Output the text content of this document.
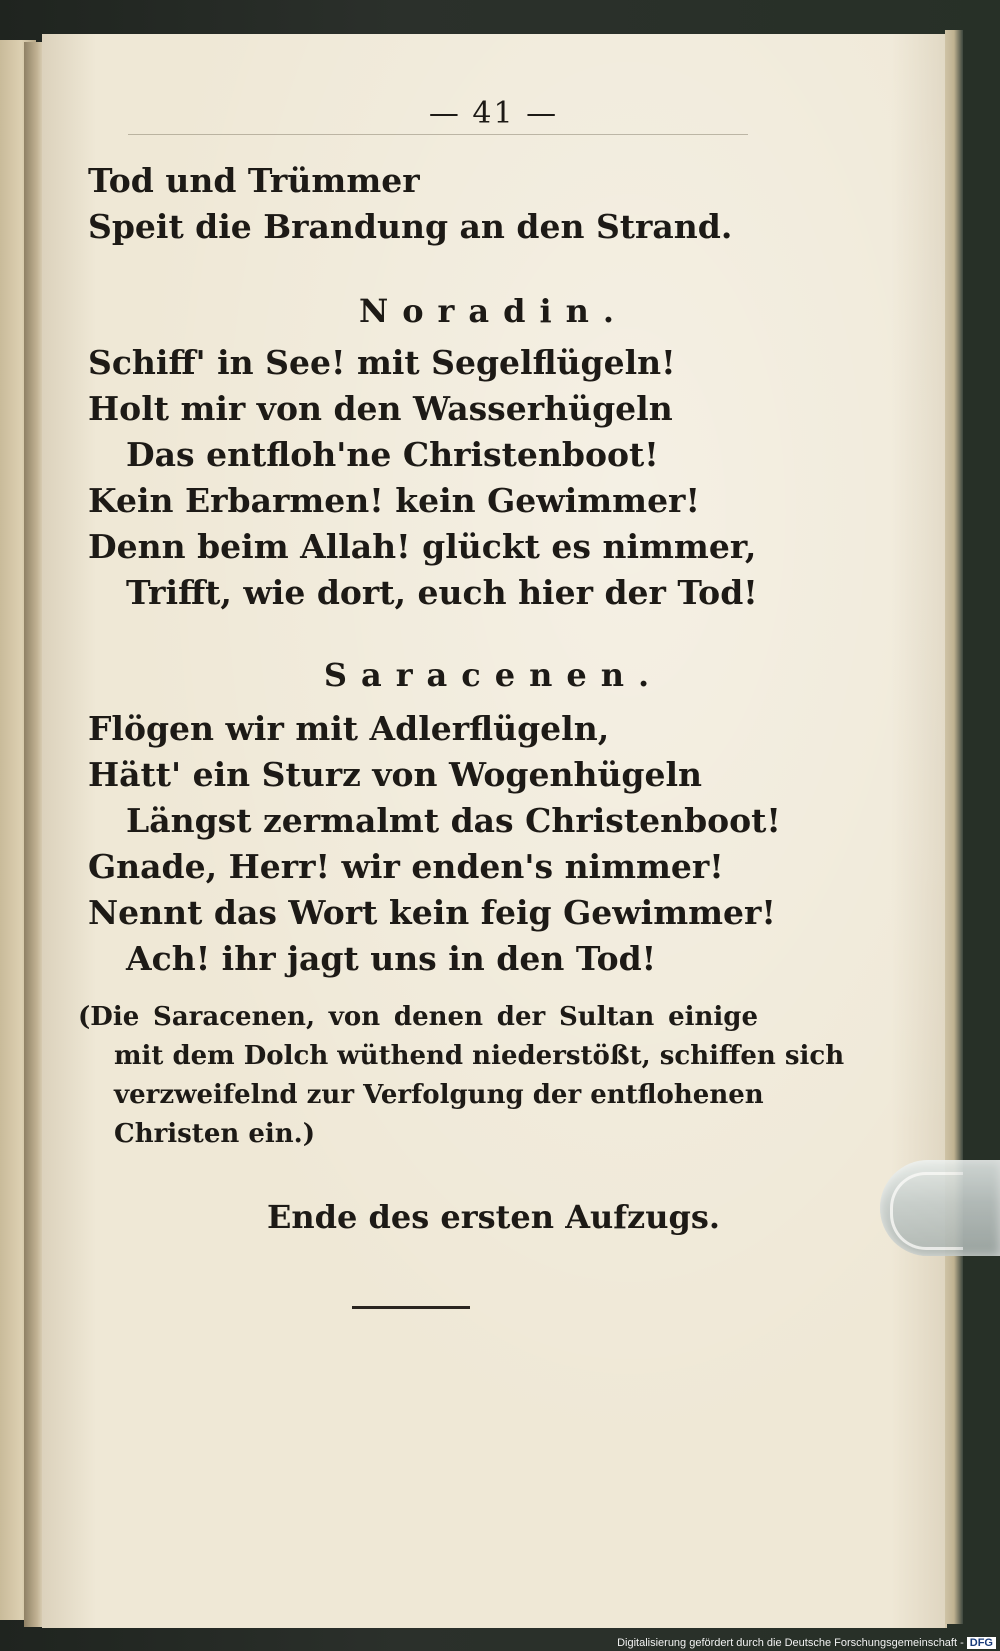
— 41 —
Tod und Trümmer
Speit die Brandung an den Strand.
Noradin.
Schiff' in See! mit Segelflügeln!
Holt mir von den Wasserhügeln
Das entfloh'ne Christenboot!
Kein Erbarmen! kein Gewimmer!
Denn beim Allah! glückt es nimmer,
Trifft, wie dort, euch hier der Tod!
Saracenen.
Flögen wir mit Adlerflügeln,
Hätt' ein Sturz von Wogenhügeln
Längst zermalmt das Christenboot!
Gnade, Herr! wir enden's nimmer!
Nennt das Wort kein feig Gewimmer!
Ach! ihr jagt uns in den Tod!
(Die Saracenen, von denen der Sultan einige
mit dem Dolch wüthend niederstößt, schiffen sich
verzweifelnd zur Verfolgung der entflohenen
Christen ein.)
Ende des ersten Aufzugs.
Digitalisierung gefördert durch die Deutsche Forschungsgemeinschaft - DFG
